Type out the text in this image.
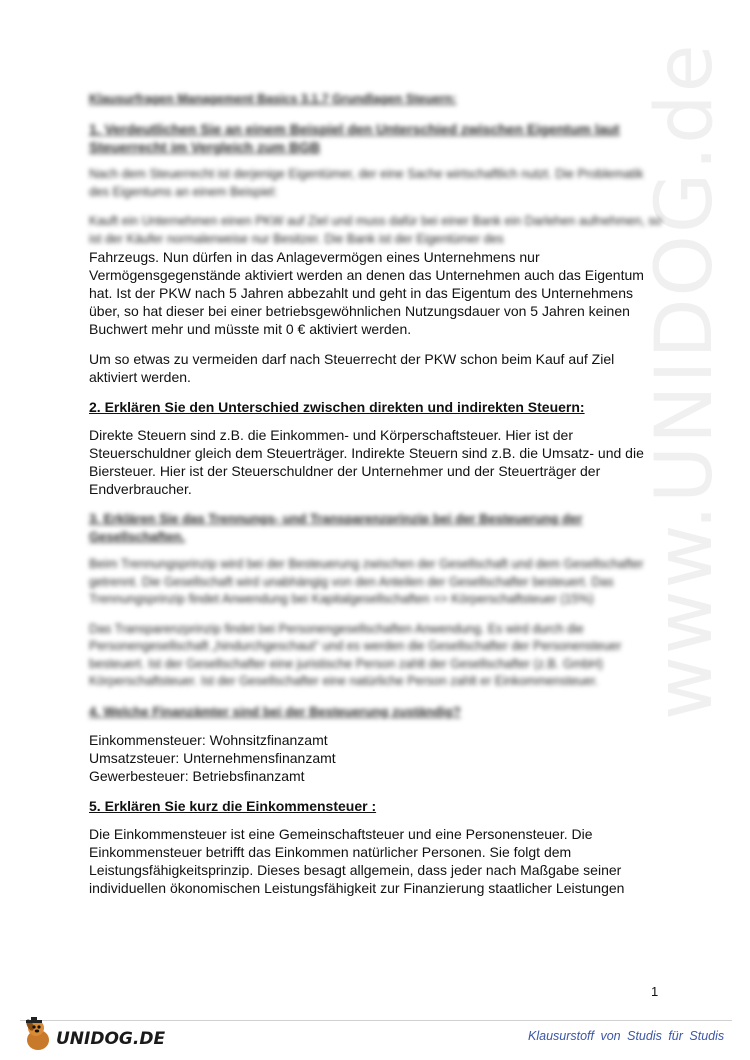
www.UNIDOG.de
Klausurfragen Management Basics 3.1.7 Grundlagen Steuern:
1. Verdeutlichen Sie an einem Beispiel den Unterschied zwischen Eigentum laut Steuerrecht im Vergleich zum BGB

Nach dem Steuerrecht ist derjenige Eigentümer, der eine Sache wirtschaftlich nutzt. Die Problematik des Eigentums an einem Beispiel:

Kauft ein Unternehmen einen PKW auf Ziel und muss dafür bei einer Bank ein Darlehen aufnehmen, so ist der Käufer normalerweise nur Besitzer. Die Bank ist der Eigentümer des
Fahrzeugs. Nun dürfen in das Anlagevermögen eines Unternehmens nur
Vermögensgegenstände aktiviert werden an denen das Unternehmen auch das Eigentum
hat. Ist der PKW nach 5 Jahren abbezahlt und geht in das Eigentum des Unternehmens
über, so hat dieser bei einer betriebsgewöhnlichen Nutzungsdauer von 5 Jahren keinen
Buchwert mehr und müsste mit 0 € aktiviert werden.

Um so etwas zu vermeiden darf nach Steuerrecht der PKW schon beim Kauf auf Ziel
aktiviert werden.

2. Erklären Sie den Unterschied zwischen direkten und indirekten Steuern:

Direkte Steuern sind z.B. die Einkommen- und Körperschaftsteuer. Hier ist der
Steuerschuldner gleich dem Steuerträger. Indirekte Steuern sind z.B. die Umsatz- und die
Biersteuer. Hier ist der Steuerschuldner der Unternehmer und der Steuerträger der
Endverbraucher.

3. Erklären Sie das Trennungs- und Transparenzprinzip bei der Besteuerung der Gesellschaften.

Beim Trennungsprinzip wird bei der Besteuerung zwischen der Gesellschaft und dem Gesellschafter getrennt. Die Gesellschaft wird unabhängig von den Anteilen der Gesellschafter besteuert. Das Trennungsprinzip findet Anwendung bei Kapitalgesellschaften => Körperschaftsteuer (15%)

Das Transparenzprinzip findet bei Personengesellschaften Anwendung. Es wird durch die Personengesellschaft „hindurchgeschaut“ und es werden die Gesellschafter der Personensteuer besteuert. Ist der Gesellschafter eine juristische Person zahlt der Gesellschafter (z.B. GmbH) Körperschaftsteuer. Ist der Gesellschafter eine natürliche Person zahlt er Einkommensteuer.

4. Welche Finanzämter sind bei der Besteuerung zuständig?

Einkommensteuer: Wohnsitzfinanzamt
Umsatzsteuer: Unternehmensfinanzamt
Gewerbesteuer: Betriebsfinanzamt

5. Erklären Sie kurz die Einkommensteuer :

Die Einkommensteuer ist eine Gemeinschaftsteuer und eine Personensteuer. Die
Einkommensteuer betrifft das Einkommen natürlicher Personen. Sie folgt dem
Leistungsfähigkeitsprinzip. Dieses besagt allgemein, dass jeder nach Maßgabe seiner
individuellen ökonomischen Leistungsfähigkeit zur Finanzierung staatlicher Leistungen

1
UNIDOG.DE	Klausurstoff von Studis für Studis
